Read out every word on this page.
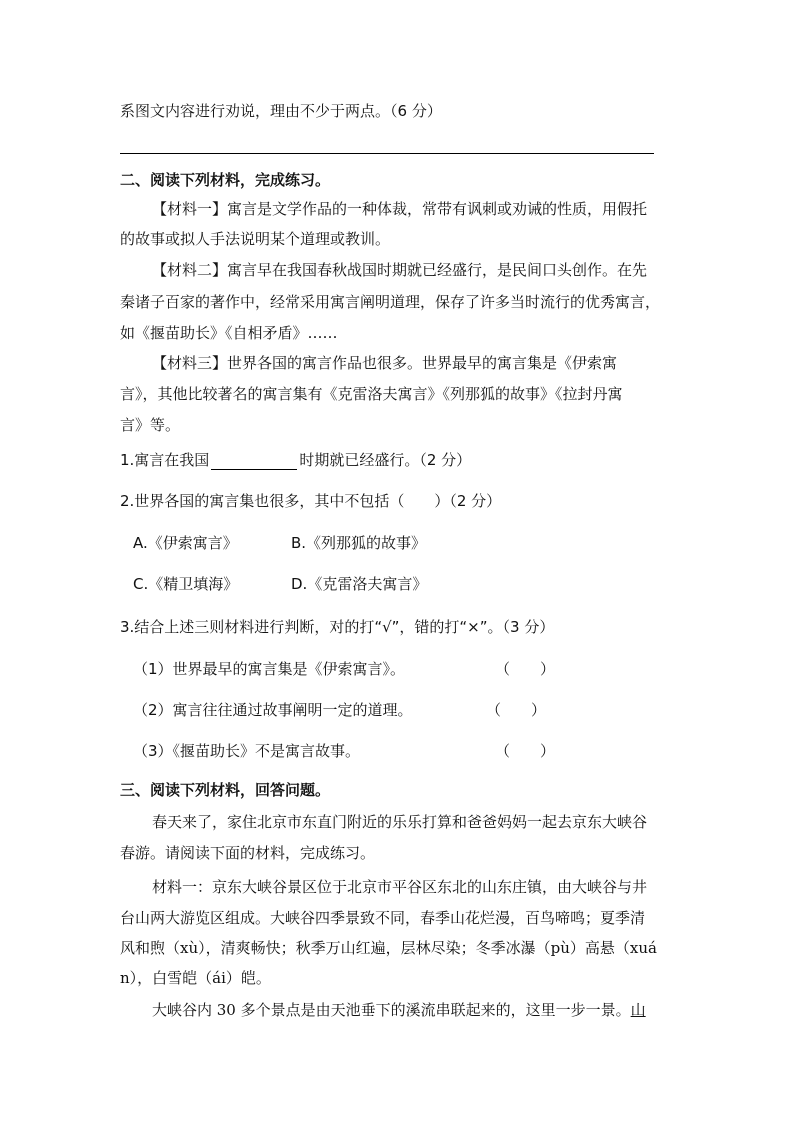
系图文内容进行劝说，理由不少于两点。（6 分）
二、阅读下列材料，完成练习。
【材料一】寓言是文学作品的一种体裁，常带有讽刺或劝诫的性质，用假托
的故事或拟人手法说明某个道理或教训。
【材料二】寓言早在我国春秋战国时期就已经盛行，是民间口头创作。在先
秦诸子百家的著作中，经常采用寓言阐明道理，保存了许多当时流行的优秀寓言，
如《揠苗助长》《自相矛盾》……
【材料三】世界各国的寓言作品也很多。世界最早的寓言集是《伊索寓
言》，其他比较著名的寓言集有《克雷洛夫寓言》《列那狐的故事》《拉封丹寓
言》等。
1.寓言在我国	时期就已经盛行。（2 分）
2.世界各国的寓言集也很多，其中不包括（　　）（2 分）
A.《伊索寓言》	B.《列那狐的故事》
C.《精卫填海》	D.《克雷洛夫寓言》
3.结合上述三则材料进行判断，对的打“√”，错的打“×”。（3 分）
（1）世界最早的寓言集是《伊索寓言》。	（　　）
（2）寓言往往通过故事阐明一定的道理。	（　　）
（3）《揠苗助长》不是寓言故事。	（　　）
三、阅读下列材料，回答问题。
春天来了，家住北京市东直门附近的乐乐打算和爸爸妈妈一起去京东大峡谷
春游。请阅读下面的材料，完成练习。
材料一：京东大峡谷景区位于北京市平谷区东北的山东庄镇，由大峡谷与井
台山两大游览区组成。大峡谷四季景致不同，春季山花烂漫，百鸟啼鸣；夏季清
风和煦（xù），清爽畅快；秋季万山红遍，层林尽染；冬季冰瀑（pù）高悬（xuá
n），白雪皑（ái）皑。
大峡谷内 30 多个景点是由天池垂下的溪流串联起来的，这里一步一景。山
